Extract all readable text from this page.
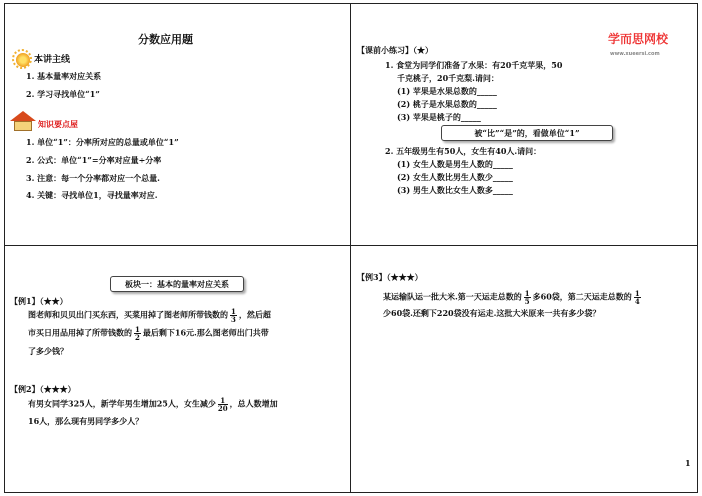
分数应用题
本讲主线
1. 基本量率对应关系
2. 学习寻找单位“1”
知识要点屋
1. 单位“1”：分率所对应的总量或单位“1”
2. 公式：单位“1”=分率对应量÷分率
3. 注意：每一个分率都对应一个总量.
4. 关键：寻找单位1，寻找量率对应.
学而思网校www.xueersi.com
【课前小练习】（★）
1. 食堂为同学们准备了水果：有20千克苹果，50
千克桃子，20千克梨.请问：
(1) 苹果是水果总数的_____
(2) 桃子是水果总数的_____
(3) 苹果是桃子的_____
被“比”“是”的，看做单位“1”
2. 五年级男生有50人，女生有40人.请问：
(1) 女生人数是男生人数的_____
(2) 女生人数比男生人数少_____
(3) 男生人数比女生人数多_____
板块一：基本的量率对应关系
【例1】（★★）
图老师和贝贝出门买东西，买菜用掉了图老师所带钱数的 $\frac{1}{3}$ ，然后超
市买日用品用掉了所带钱数的 $\frac{1}{2}$ 最后剩下16元.那么图老师出门共带
了多少钱？
【例2】（★★★）
有男女同学325人，新学年男生增加25人，女生减少 $\frac{1}{20}$ ，总人数增加
16人，那么现有男同学多少人？
【例3】（★★★）
某运输队运一批大米.第一天运走总数的 $\frac{1}{5}$ 多60袋，第二天运走总数的 $\frac{1}{4}$
少60袋.还剩下220袋没有运走.这批大米原来一共有多少袋？
1
